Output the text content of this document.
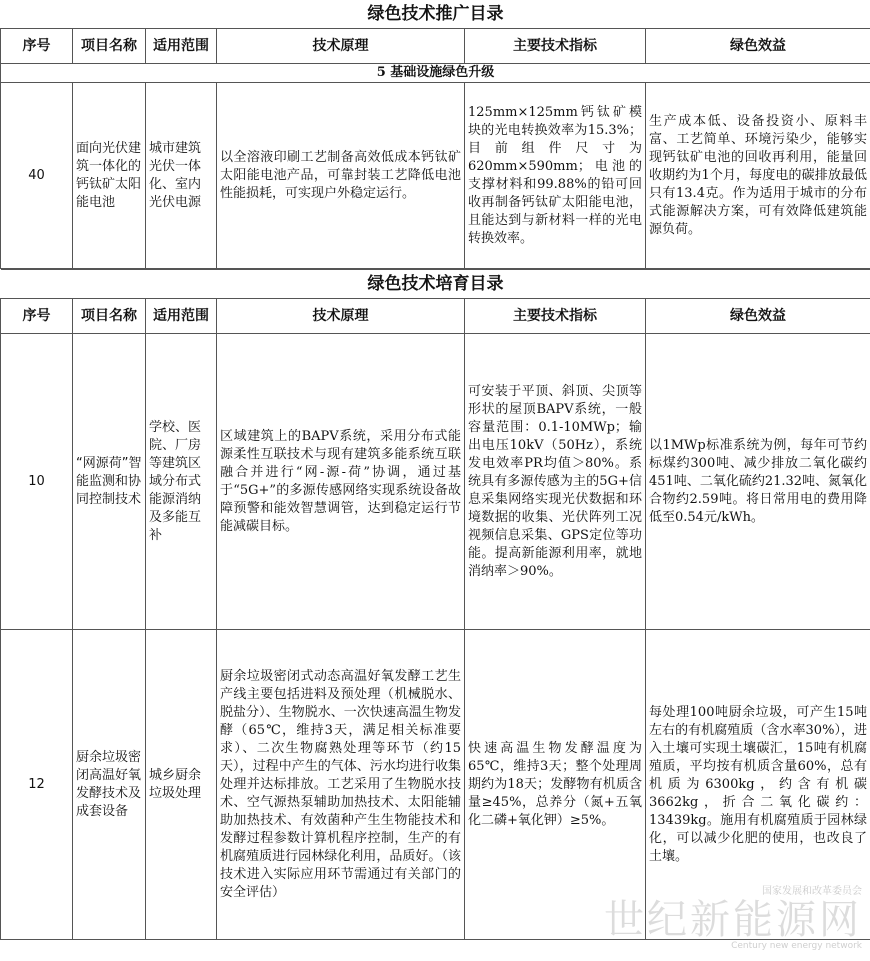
绿色技术推广目录					
序号	项目名称	适用范围	技术原理	主要技术指标	绿色效益
5 基础设施绿色升级					
40	面向光伏建筑一体化的钙钛矿太阳能电池	城市建筑光伏一体化、室内光伏电源	以全溶液印刷工艺制备高效低成本钙钛矿太阳能电池产品，可靠封装工艺降低电池性能损耗，可实现户外稳定运行。	125mm×125mm钙钛矿模块的光电转换效率为15.3%；目前组件尺寸为620mm×590mm；电池的支撑材料和99.88%的铅可回收再制备钙钛矿太阳能电池，且能达到与新材料一样的光电转换效率。	生产成本低、设备投资小、原料丰富、工艺简单、环境污染少，能够实现钙钛矿电池的回收再利用，能量回收期约为1个月，每度电的碳排放最低只有13.4克。作为适用于城市的分布式能源解决方案，可有效降低建筑能源负荷。
绿色技术培育目录					
序号	项目名称	适用范围	技术原理	主要技术指标	绿色效益
10	“网源荷”智能监测和协同控制技术	学校、医院、厂房等建筑区域分布式能源消纳及多能互补	区域建筑上的BAPV系统，采用分布式能源柔性互联技术与现有建筑多能系统互联融合并进行“网-源-荷”协调，通过基于“5G+”的多源传感网络实现系统设备故障预警和能效智慧调管，达到稳定运行节能减碳目标。	可安装于平顶、斜顶、尖顶等形状的屋顶BAPV系统，一般容量范围：0.1-10MWp；输出电压10kV（50Hz），系统发电效率PR均值＞80%。系统具有多源传感为主的5G+信息采集网络实现光伏数据和环境数据的收集、光伏阵列工况视频信息采集、GPS定位等功能。提高新能源利用率，就地消纳率＞90%。	以1MWp标准系统为例，每年可节约标煤约300吨、减少排放二氧化碳约451吨、二氧化硫约21.32吨、氮氧化合物约2.59吨。将日常用电的费用降低至0.54元/kWh。
12	厨余垃圾密闭高温好氧发酵技术及成套设备	城乡厨余垃圾处理	厨余垃圾密闭式动态高温好氧发酵工艺生产线主要包括进料及预处理（机械脱水、脱盐分）、生物脱水、一次快速高温生物发酵（65℃，维持3天，满足相关标准要求）、二次生物腐熟处理等环节（约15天），过程中产生的气体、污水均进行收集处理并达标排放。工艺采用了生物脱水技术、空气源热泵辅助加热技术、太阳能辅助加热技术、有效菌种产生生物能技术和发酵过程参数计算机程序控制，生产的有机腐殖质进行园林绿化利用，品质好。（该技术进入实际应用环节需通过有关部门的安全评估）	快速高温生物发酵温度为65℃，维持3天；整个处理周期约为18天；发酵物有机质含量≥45%，总养分（氮+五氧化二磷+氧化钾）≥5%。	每处理100吨厨余垃圾，可产生15吨左右的有机腐殖质（含水率30%），进入土壤可实现土壤碳汇，15吨有机腐殖质，平均按有机质含量60%，总有机质为6300kg，约含有机碳3662kg，折合二氧化碳约：13439kg。施用有机腐殖质于园林绿化，可以减少化肥的使用，也改良了土壤。
国家发展和改革委员会
世纪新能源网
Century new energy network
